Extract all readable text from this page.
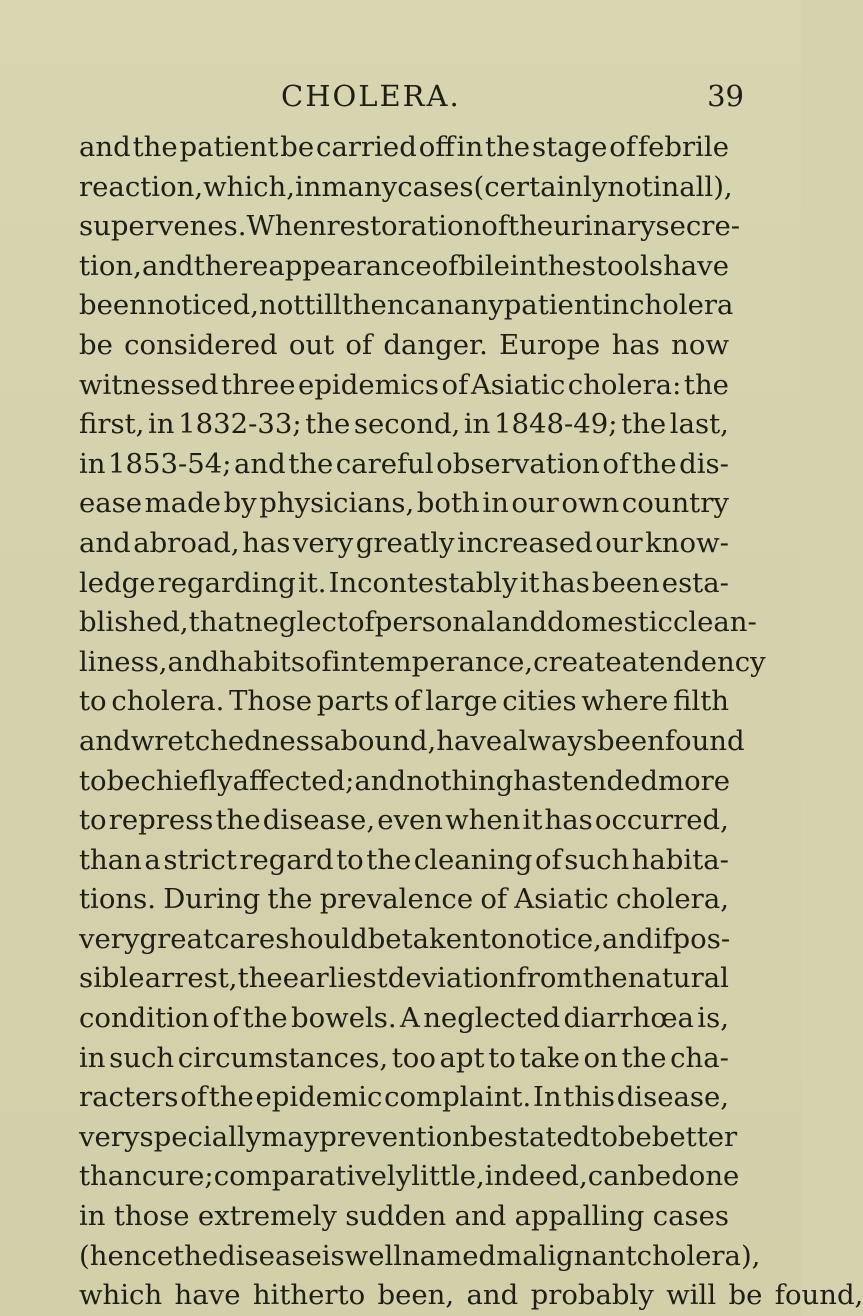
CHOLERA.	39
and the patient be carried off in the stage of febrile
reaction, which, in many cases (certainly not in all),
supervenes. When restoration of the urinary secre-
tion, and the reappearance of bile in the stools have
been noticed, not till then can any patient in cholera
be considered out of danger. Europe has now
witnessed three epidemics of Asiatic cholera: the
first, in 1832-33; the second, in 1848-49; the last,
in 1853-54; and the careful observation of the dis-
ease made by physicians, both in our own country
and abroad, has very greatly increased our know-
ledge regarding it. Incontestably it has been esta-
blished, that neglect of personal and domestic clean-
liness, and habits of intemperance, create a tendency
to cholera. Those parts of large cities where filth
and wretchedness abound, have always been found
to be chiefly affected; and nothing has tended more
to repress the disease, even when it has occurred,
than a strict regard to the cleaning of such habita-
tions. During the prevalence of Asiatic cholera,
very great care should be taken to notice, and if pos-
sible arrest, the earliest deviation from the natural
condition of the bowels. A neglected diarrhœa is,
in such circumstances, too apt to take on the cha-
racters of the epidemic complaint. In this disease,
very specially may prevention be stated to be better
than cure; comparatively little, indeed, can be done
in those extremely sudden and appalling cases
(hence the disease is well named malignant cholera),
which have hitherto been, and probably will be found,
